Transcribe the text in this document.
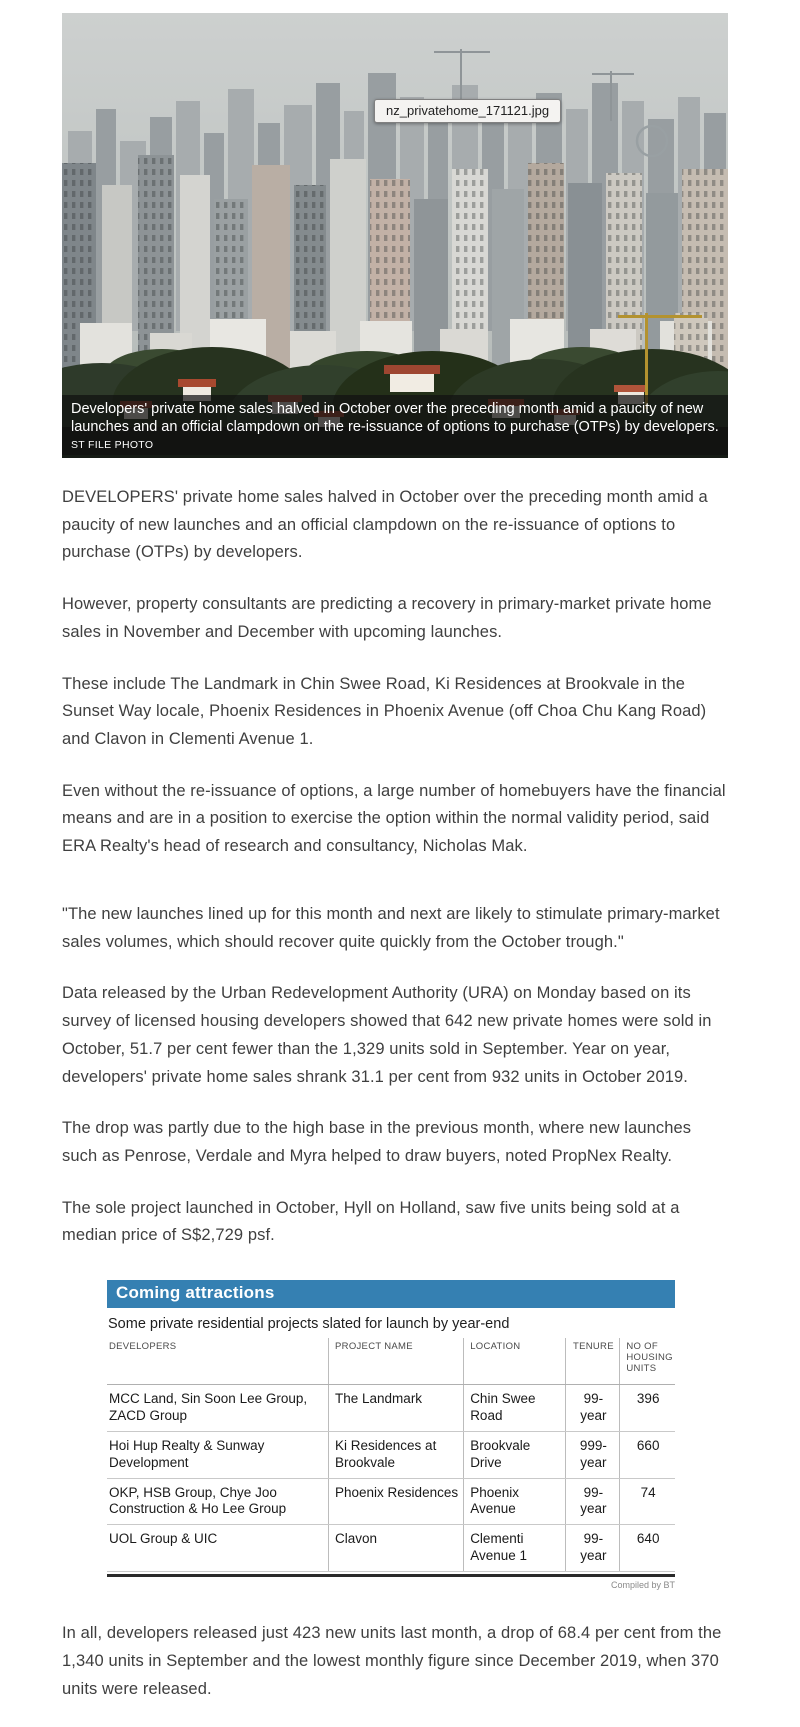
nz_privatehome_171121.jpg
Developers' private home sales halved in October over the preceding month amid a paucity of new launches and an official clampdown on the re-issuance of options to purchase (OTPs) by developers.
ST FILE PHOTO

DEVELOPERS' private home sales halved in October over the preceding month amid a paucity of new launches and an official clampdown on the re-issuance of options to purchase (OTPs) by developers.

However, property consultants are predicting a recovery in primary-market private home sales in November and December with upcoming launches.

These include The Landmark in Chin Swee Road, Ki Residences at Brookvale in the Sunset Way locale, Phoenix Residences in Phoenix Avenue (off Choa Chu Kang Road) and Clavon in Clementi Avenue 1.

Even without the re-issuance of options, a large number of homebuyers have the financial means and are in a position to exercise the option within the normal validity period, said ERA Realty's head of research and consultancy, Nicholas Mak.

"The new launches lined up for this month and next are likely to stimulate primary-market sales volumes, which should recover quite quickly from the October trough."

Data released by the Urban Redevelopment Authority (URA) on Monday based on its survey of licensed housing developers showed that 642 new private homes were sold in October, 51.7 per cent fewer than the 1,329 units sold in September. Year on year, developers' private home sales shrank 31.1 per cent from 932 units in October 2019.

The drop was partly due to the high base in the previous month, where new launches such as Penrose, Verdale and Myra helped to draw buyers, noted PropNex Realty.

The sole project launched in October, Hyll on Holland, saw five units being sold at a median price of S$2,729 psf.

Coming attractions
Some private residential projects slated for launch by year-end
DEVELOPERS	PROJECT NAME	LOCATION	TENURE	NO OF HOUSING UNITS
MCC Land, Sin Soon Lee Group, ZACD Group	The Landmark	Chin Swee Road	99-year	396
Hoi Hup Realty & Sunway Development	Ki Residences at Brookvale	Brookvale Drive	999-year	660
OKP, HSB Group, Chye Joo Construction & Ho Lee Group	Phoenix Residences	Phoenix Avenue	99-year	74
UOL Group & UIC	Clavon	Clementi Avenue 1	99-year	640
Compiled by BT

In all, developers released just 423 new units last month, a drop of 68.4 per cent from the 1,340 units in September and the lowest monthly figure since December 2019, when 370 units were released.
